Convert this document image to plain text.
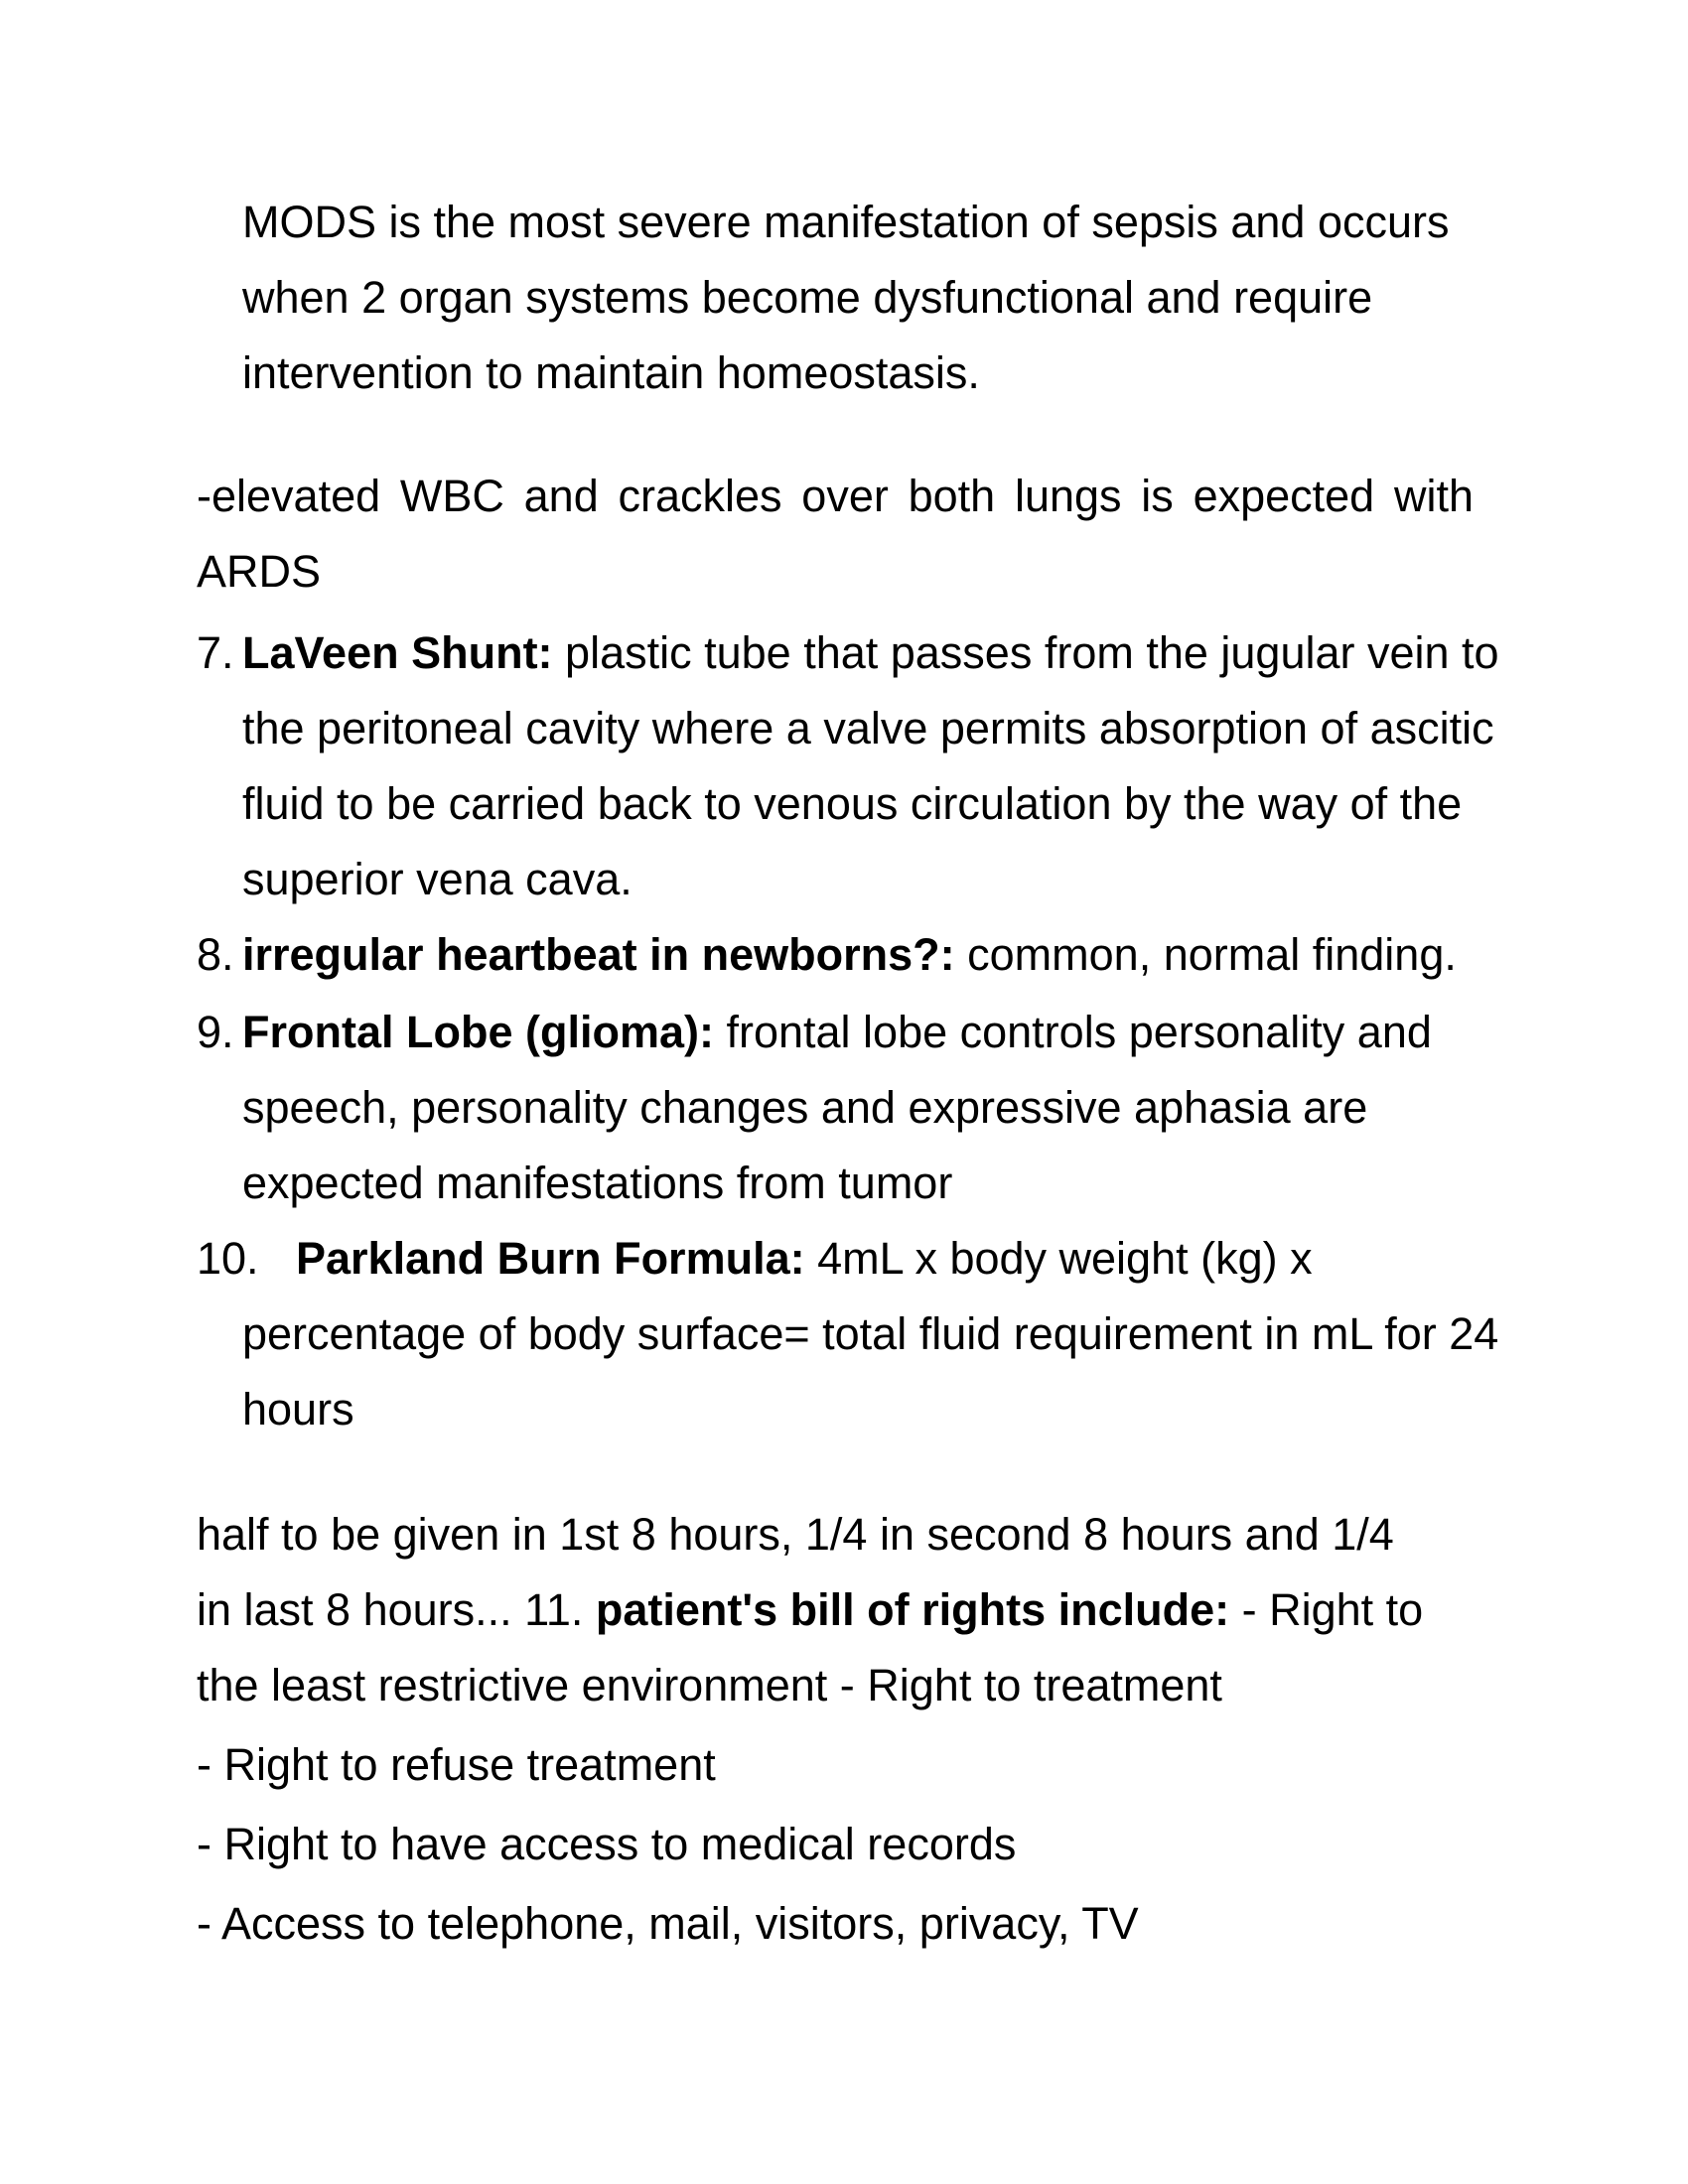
MODS is the most severe manifestation of sepsis and occurs

when 2 organ systems become dysfunctional and require

intervention to maintain homeostasis.

-elevated WBC and crackles over both lungs is expected with

ARDS

7. LaVeen Shunt: plastic tube that passes from the jugular vein to

the peritoneal cavity where a valve permits absorption of ascitic

fluid to be carried back to venous circulation by the way of the

superior vena cava.

8. irregular heartbeat in newborns?: common, normal finding.

9. Frontal Lobe (glioma): frontal lobe controls personality and

speech, personality changes and expressive aphasia are

expected manifestations from tumor

10. Parkland Burn Formula: 4mL x body weight (kg) x

percentage of body surface= total fluid requirement in mL for 24

hours

half to be given in 1st 8 hours, 1/4 in second 8 hours and 1/4

in last 8 hours... 11. patient's bill of rights include: - Right to

the least restrictive environment - Right to treatment

- Right to refuse treatment

- Right to have access to medical records

- Access to telephone, mail, visitors, privacy, TV
